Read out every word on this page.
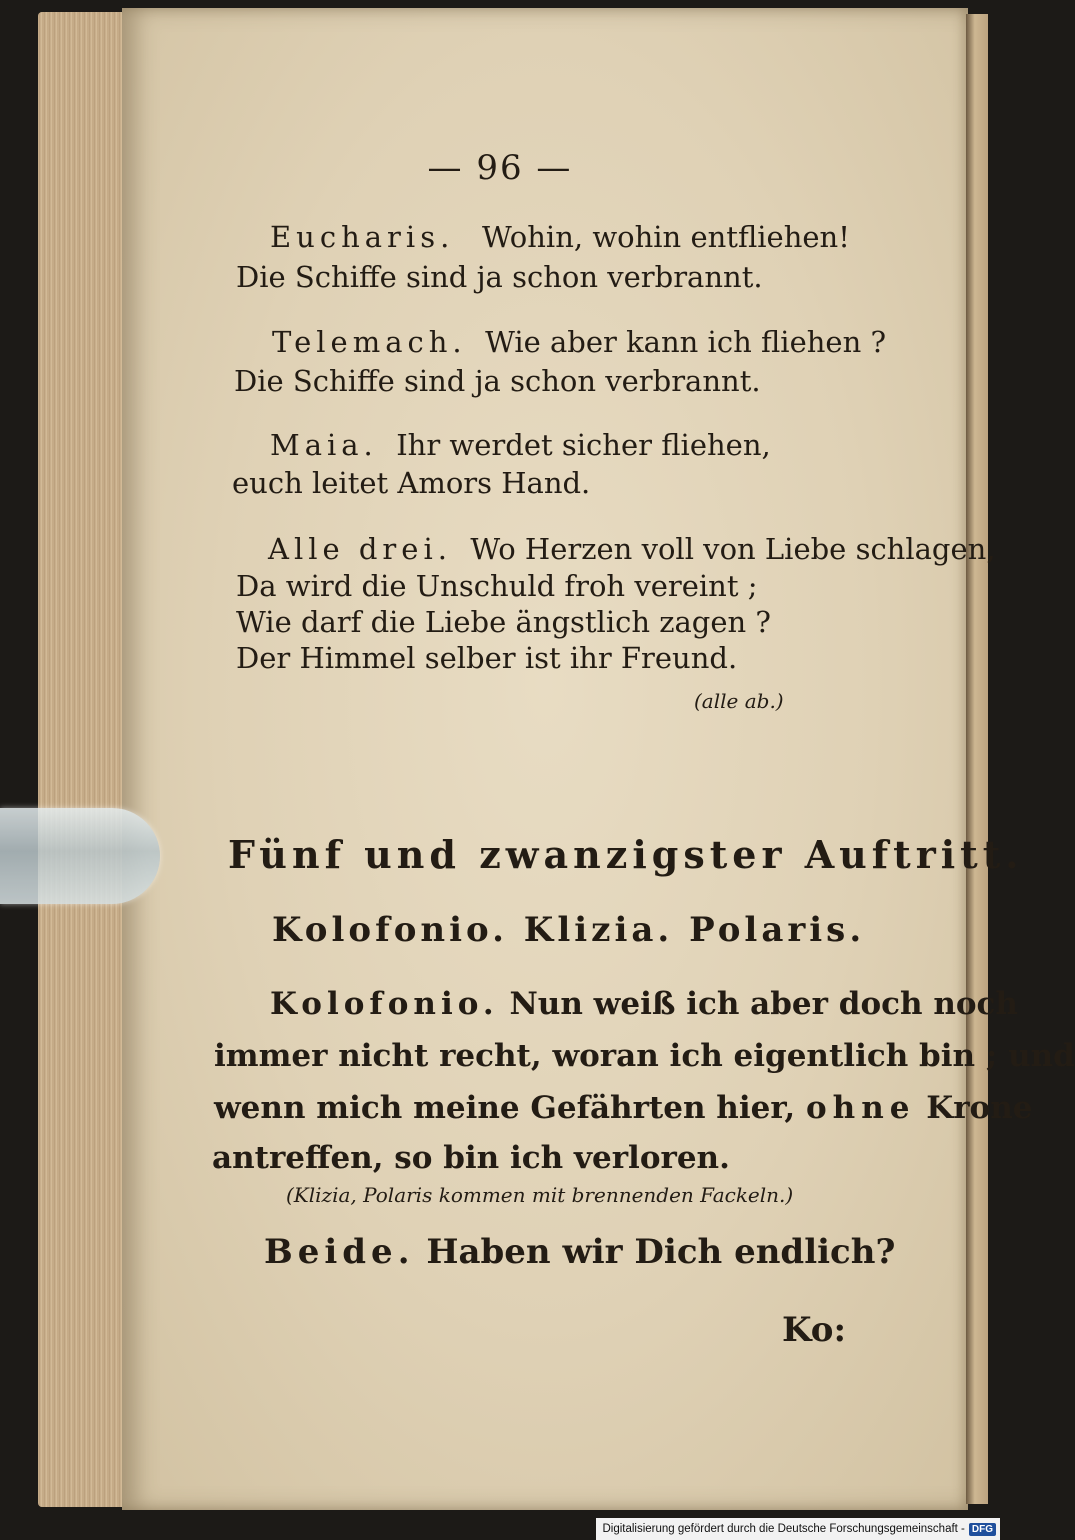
— 96 —
Eucharis. Wohin, wohin entfliehen!
Die Schiffe sind ja schon verbrannt.
Telemach. Wie aber kann ich fliehen ?
Die Schiffe sind ja schon verbrannt.
Maia. Ihr werdet sicher fliehen,
euch leitet Amors Hand.
Alle drei. Wo Herzen voll von Liebe schlagen,
Da wird die Unschuld froh vereint ;
Wie darf die Liebe ängstlich zagen ?
Der Himmel selber ist ihr Freund.
(alle ab.)
Fünf und zwanzigster Auftritt.
Kolofonio. Klizia. Polaris.
Kolofonio. Nun weiß ich aber doch noch
immer nicht recht, woran ich eigentlich bin ; und
wenn mich meine Gefährten hier, ohne Krone
antreffen, so bin ich verloren.
(Klizia, Polaris kommen mit brennenden Fackeln.)
Beide. Haben wir Dich endlich?
Ko:
Digitalisierung gefördert durch die Deutsche Forschungsgemeinschaft - DFG
